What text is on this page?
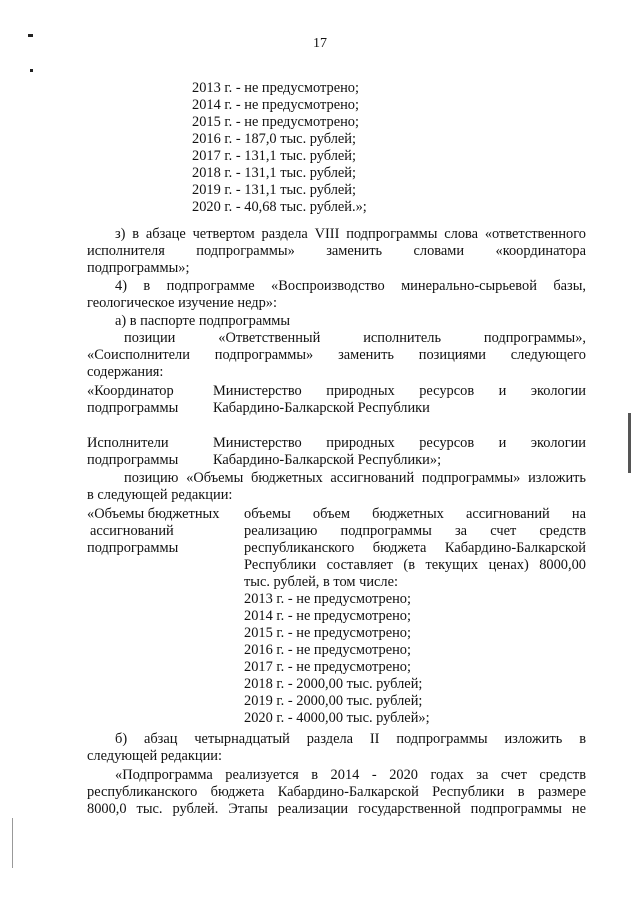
17
2013 г. - не предусмотрено;
2014 г. - не предусмотрено;
2015 г. - не предусмотрено;
2016 г. - 187,0 тыс. рублей;
2017 г. - 131,1 тыс. рублей;
2018 г. - 131,1 тыс. рублей;
2019 г. - 131,1 тыс. рублей;
2020 г. - 40,68 тыс. рублей.»;
з) в абзаце четвертом раздела VIII подпрограммы слова «ответственного
исполнителя подпрограммы» заменить словами «координатора
подпрограммы»;
4) в подпрограмме «Воспроизводство минерально-сырьевой базы,
геологическое изучение недр»:
а) в паспорте подпрограммы
позиции «Ответственный исполнитель подпрограммы»,
«Соисполнители подпрограммы» заменить позициями следующего
содержания:
«Координатор
подпрограммы
Министерство природных ресурсов и экологии
Кабардино-Балкарской Республики
Исполнители
подпрограммы
Министерство природных ресурсов и экологии
Кабардино-Балкарской Республики»;
позицию «Объемы бюджетных ассигнований подпрограммы» изложить
в следующей редакции:
«Объемы бюджетных
ассигнований
подпрограммы
объемы объем бюджетных ассигнований на
реализацию подпрограммы за счет средств
республиканского бюджета Кабардино-Балкарской
Республики составляет (в текущих ценах) 8000,00
тыс. рублей, в том числе:
2013 г. - не предусмотрено;
2014 г. - не предусмотрено;
2015 г. - не предусмотрено;
2016 г. - не предусмотрено;
2017 г. - не предусмотрено;
2018 г. - 2000,00 тыс. рублей;
2019 г. - 2000,00 тыс. рублей;
2020 г. - 4000,00 тыс. рублей»;
б) абзац четырнадцатый раздела II подпрограммы изложить в
следующей редакции:
«Подпрограмма реализуется в 2014 - 2020 годах за счет средств
республиканского бюджета Кабардино-Балкарской Республики в размере
8000,0 тыс. рублей. Этапы реализации государственной подпрограммы не
